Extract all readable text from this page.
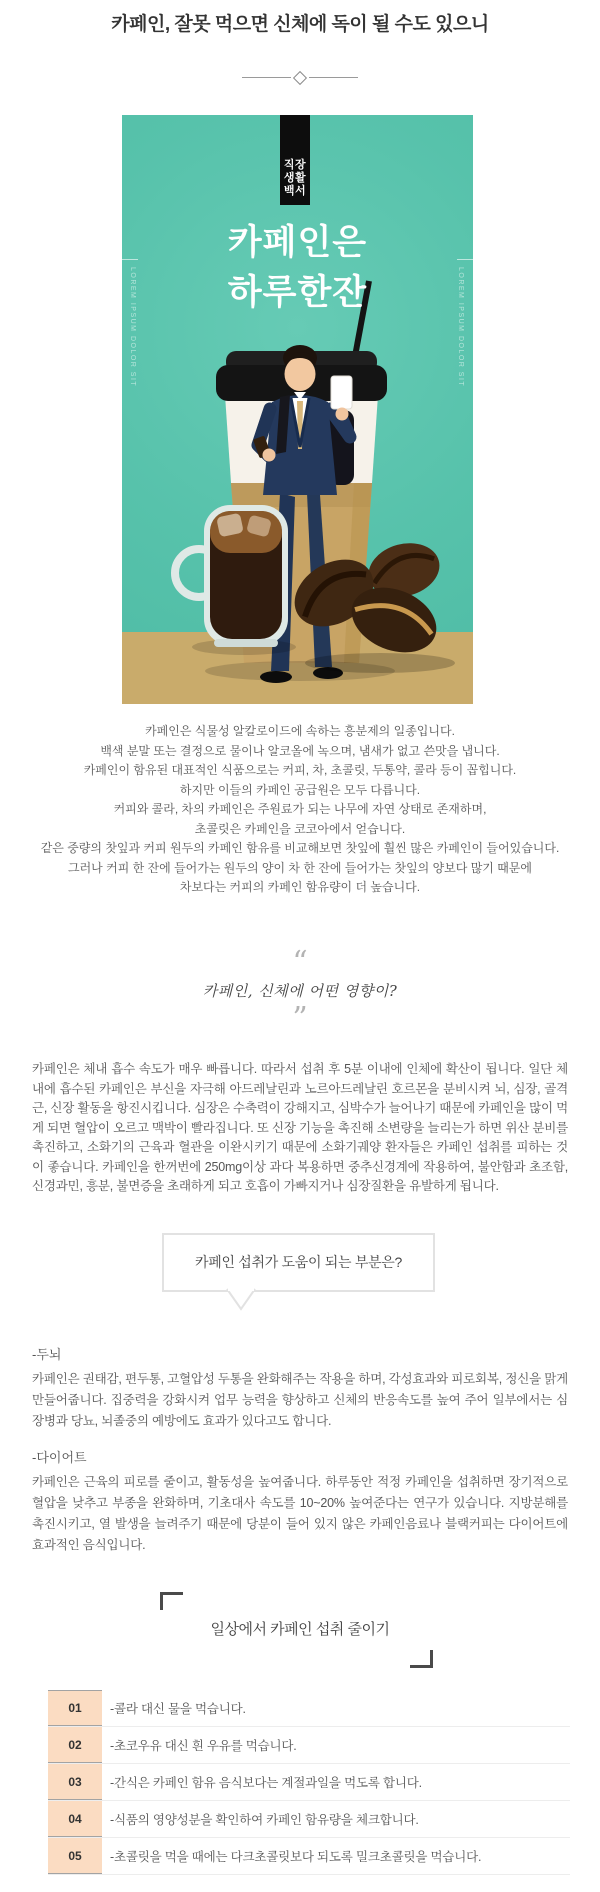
카페인, 잘못 먹으면 신체에 독이 될 수도 있으니
직장
생활
백서
카페인은
하루한잔
LOREM IPSUM DOLOR SIT	LOREM IPSUM DOLOR SIT
카페인은 식물성 알칼로이드에 속하는 흥분제의 일종입니다.
백색 분말 또는 결정으로 물이나 알코올에 녹으며, 냄새가 없고 쓴맛을 냅니다.
카페인이 함유된 대표적인 식품으로는 커피, 차, 초콜릿, 두통약, 콜라 등이 꼽힙니다.
하지만 이들의 카페인 공급원은 모두 다릅니다.
커피와 콜라, 차의 카페인은 주원료가 되는 나무에 자연 상태로 존재하며,
초콜릿은 카페인을 코코아에서 얻습니다.
같은 중량의 찻잎과 커피 원두의 카페인 함유를 비교해보면 찻잎에 훨씬 많은 카페인이 들어있습니다.
그러나 커피 한 잔에 들어가는 원두의 양이 차 한 잔에 들어가는 찻잎의 양보다 많기 때문에
차보다는 커피의 카페인 함유량이 더 높습니다.
“
카페인, 신체에 어떤 영향이?
”

카페인은 체내 흡수 속도가 매우 빠릅니다. 따라서 섭취 후 5분 이내에 인체에 확산이 됩니다. 일단 체내에 흡수된 카페인은 부신을 자극해 아드레날린과 노르아드레날린 호르몬을 분비시켜 뇌, 심장, 골격근, 신장 활동을 항진시킵니다. 심장은 수축력이 강해지고, 심박수가 늘어나기 때문에 카페인을 많이 먹게 되면 혈압이 오르고 맥박이 빨라집니다. 또 신장 기능을 촉진해 소변량을 늘리는가 하면 위산 분비를 촉진하고, 소화기의 근육과 혈관을 이완시키기 때문에 소화기궤양 환자들은 카페인 섭취를 피하는 것이 좋습니다. 카페인을 한꺼번에 250mg이상 과다 복용하면 중추신경계에 작용하여, 불안함과 초조함, 신경과민, 흥분, 불면증을 초래하게 되고 호흡이 가빠지거나 심장질환을 유발하게 됩니다.

카페인 섭취가 도움이 되는 부분은?
-두뇌

카페인은 권태감, 편두통, 고혈압성 두통을 완화해주는 작용을 하며, 각성효과와 피로회복, 정신을 맑게 만들어줍니다. 집중력을 강화시켜 업무 능력을 향상하고 신체의 반응속도를 높여 주어 일부에서는 심장병과 당뇨, 뇌졸중의 예방에도 효과가 있다고도 합니다.

-다이어트

카페인은 근육의 피로를 줄이고, 활동성을 높여줍니다. 하루동안 적정 카페인을 섭취하면 장기적으로 혈압을 낮추고 부종을 완화하며, 기초대사 속도를 10~20% 높여준다는 연구가 있습니다. 지방분해를 촉진시키고, 열 발생을 늘려주기 때문에 당분이 들어 있지 않은 카페인음료나 블랙커피는 다이어트에 효과적인 음식입니다.

일상에서 카페인 섭취 줄이기
01	-콜라 대신 물을 먹습니다.
02	-초코우유 대신 흰 우유를 먹습니다.
03	-간식은 카페인 함유 음식보다는 계절과일을 먹도록 합니다.
04	-식품의 영양성분을 확인하여 카페인 함유량을 체크합니다.
05	-초콜릿을 먹을 때에는 다크초콜릿보다 되도록 밀크초콜릿을 먹습니다.
